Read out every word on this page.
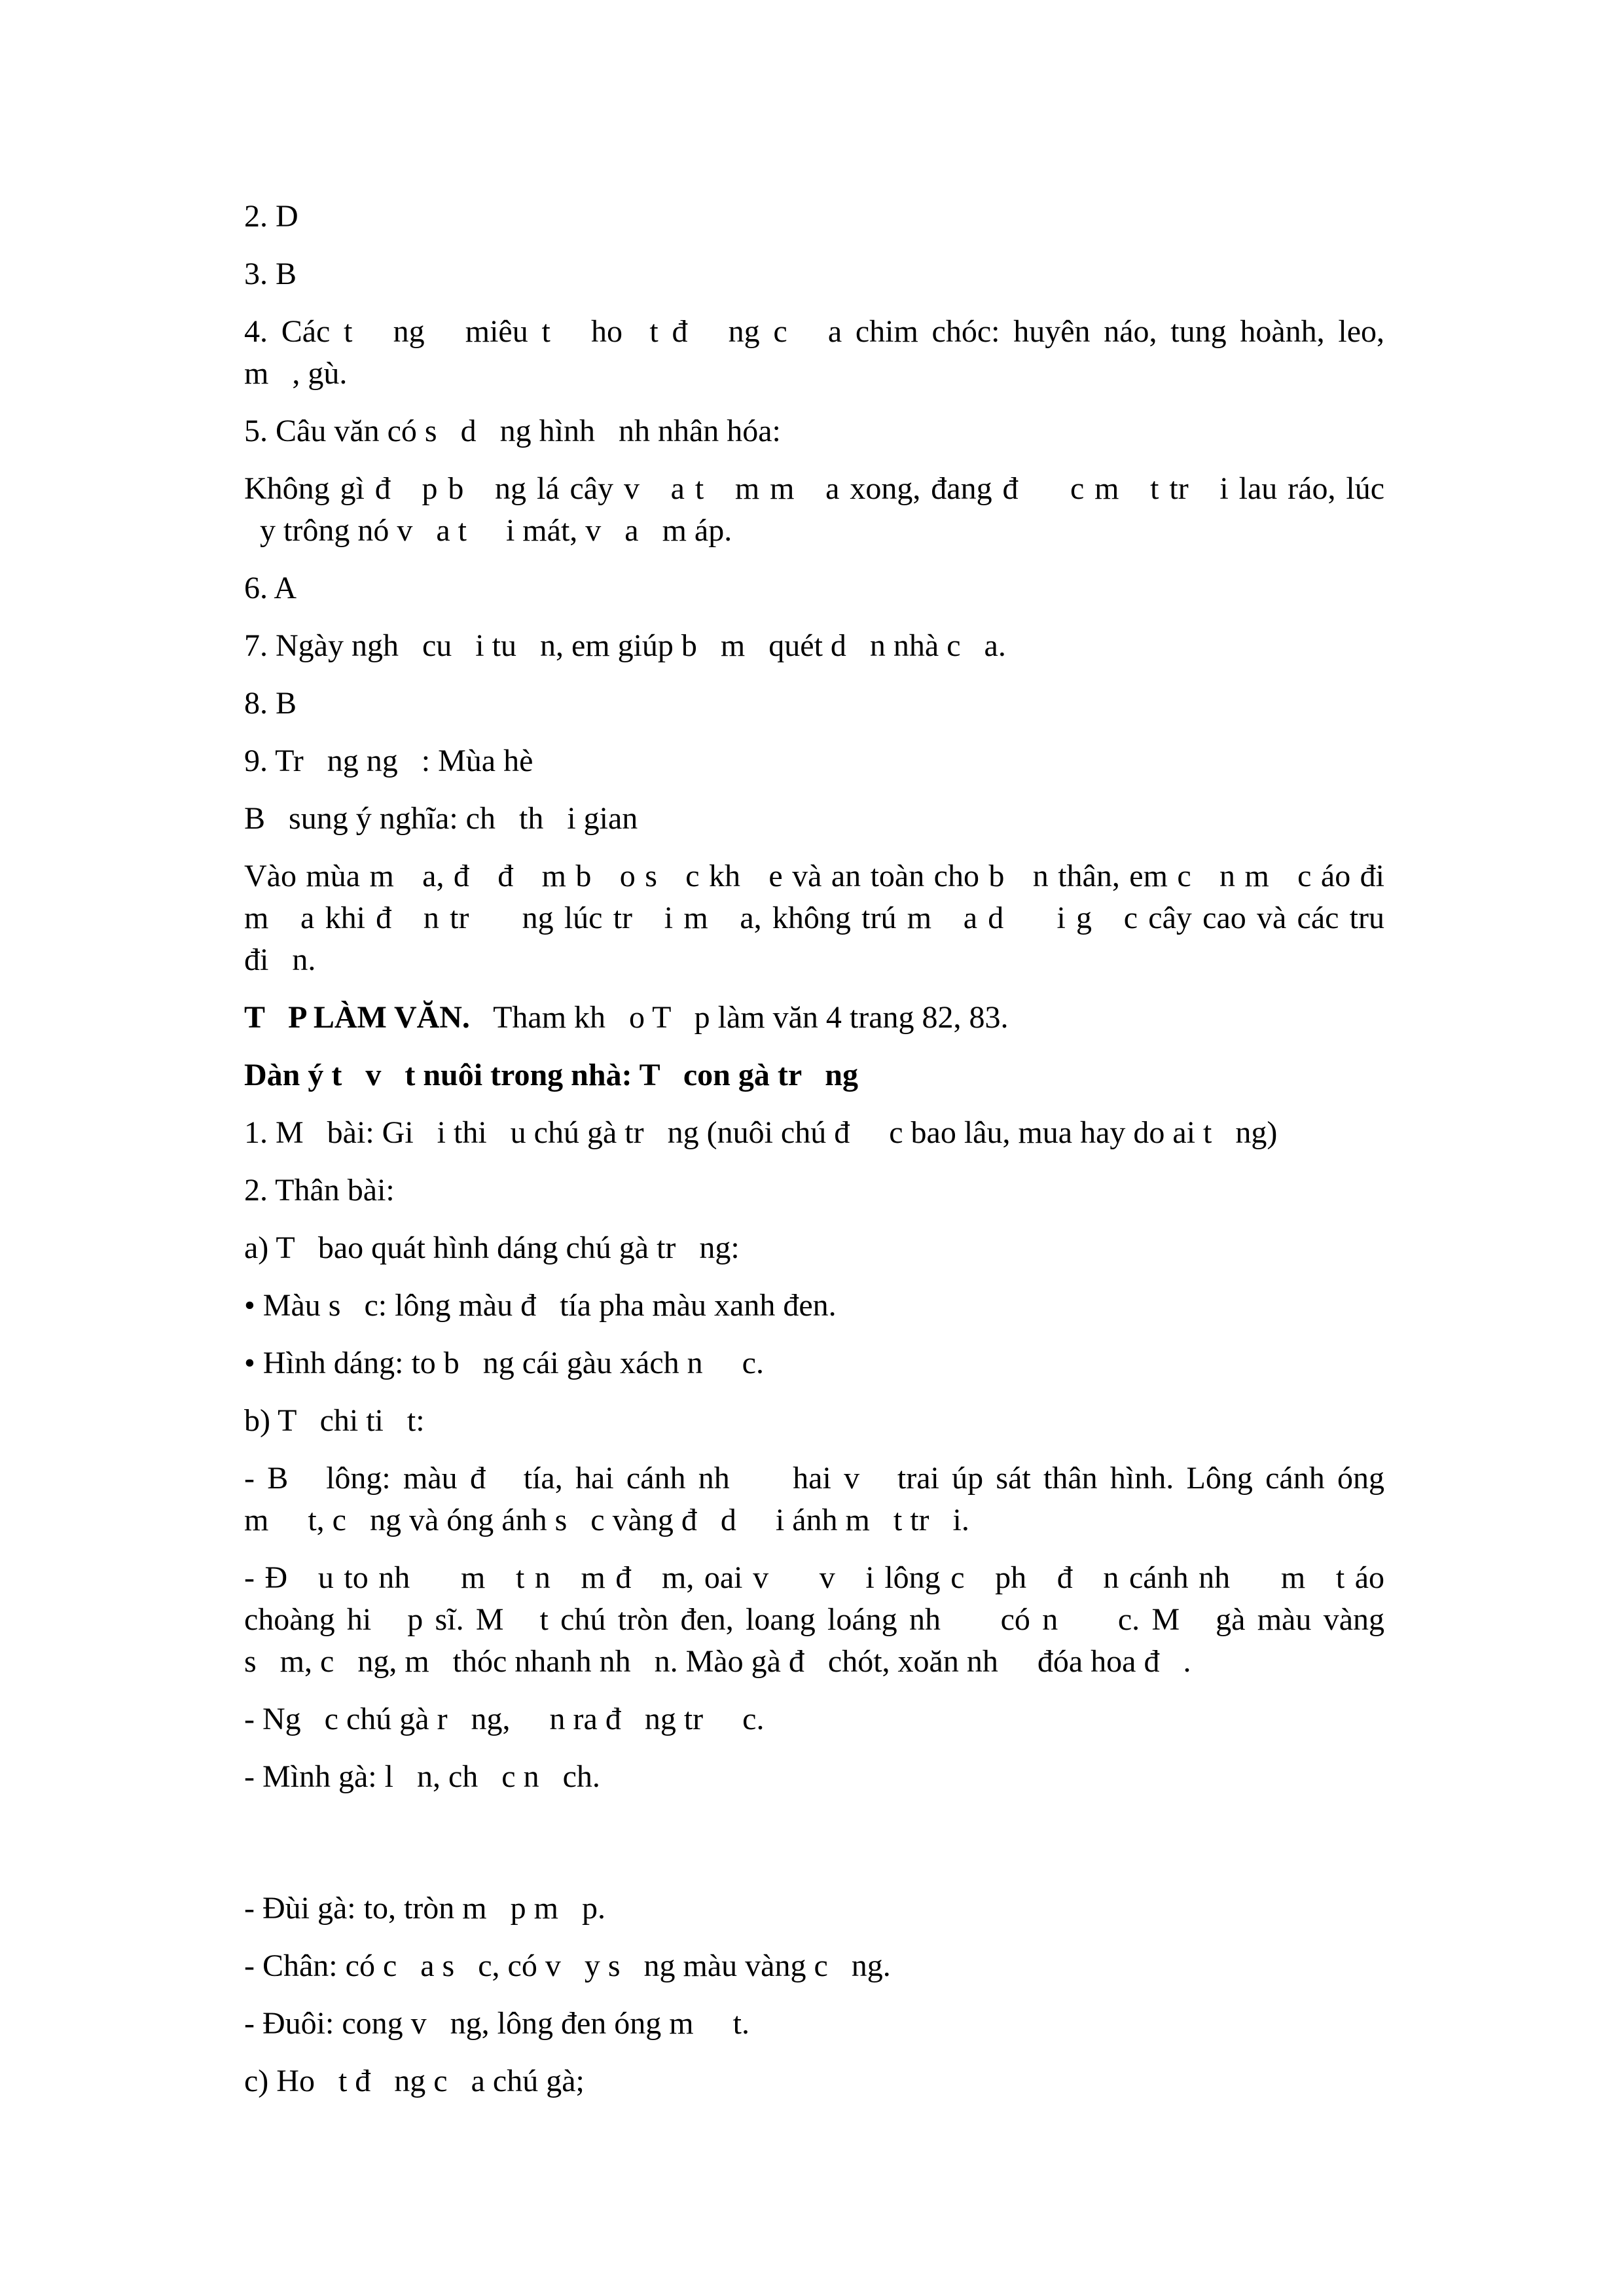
2. D

3. B

4. Các t   ng   miêu t   ho  t đ   ng c   a chim chóc: huyên náo, tung hoành, leo,

m   , gù.

5. Câu văn có s   d   ng hình   nh nhân hóa:

Không gì đ   p b   ng lá cây v   a t   m m   a xong, đang đ     c m   t tr   i lau ráo, lúc

y trông nó v   a t     i mát, v   a   m áp.

6. A

7. Ngày ngh   cu   i tu   n, em giúp b   m   quét d   n nhà c   a.

8. B

9. Tr   ng ng   : Mùa hè

B   sung ý nghĩa: ch   th   i gian

Vào mùa m   a, đ   đ   m b   o s   c kh   e và an toàn cho b   n thân, em c   n m   c áo đi

m   a khi đ   n tr     ng lúc tr   i m   a, không trú m   a d     i g   c cây cao và các tru

đi   n.

T   P LÀM VĂN. Tham kh   o T   p làm văn 4 trang 82, 83.

Dàn ý t   v   t nuôi trong nhà: T   con gà tr   ng

1. M   bài: Gi   i thi   u chú gà tr   ng (nuôi chú đ     c bao lâu, mua hay do ai t   ng)

2. Thân bài:

a) T   bao quát hình dáng chú gà tr   ng:

• Màu s   c: lông màu đ   tía pha màu xanh đen.

• Hình dáng: to b   ng cái gàu xách n     c.

b) T   chi ti   t:

- B   lông: màu đ   tía, hai cánh nh     hai v   trai úp sát thân hình. Lông cánh óng

m     t, c   ng và óng ánh s   c vàng đ   d     i ánh m   t tr   i.

- Đ   u to nh     m   t n   m đ   m, oai v     v   i lông c   ph   đ   n cánh nh     m   t áo

choàng hi   p sĩ. M   t chú tròn đen, loang loáng nh     có n     c. M   gà màu vàng

s   m, c   ng, m   thóc nhanh nh   n. Mào gà đ   chót, xoăn nh     đóa hoa đ   .

- Ng   c chú gà r   ng,     n ra đ   ng tr     c.

- Mình gà: l   n, ch   c n   ch.

- Đùi gà: to, tròn m   p m   p.

- Chân: có c   a s   c, có v   y s   ng màu vàng c   ng.

- Đuôi: cong v   ng, lông đen óng m     t.

c) Ho   t đ   ng c   a chú gà;
